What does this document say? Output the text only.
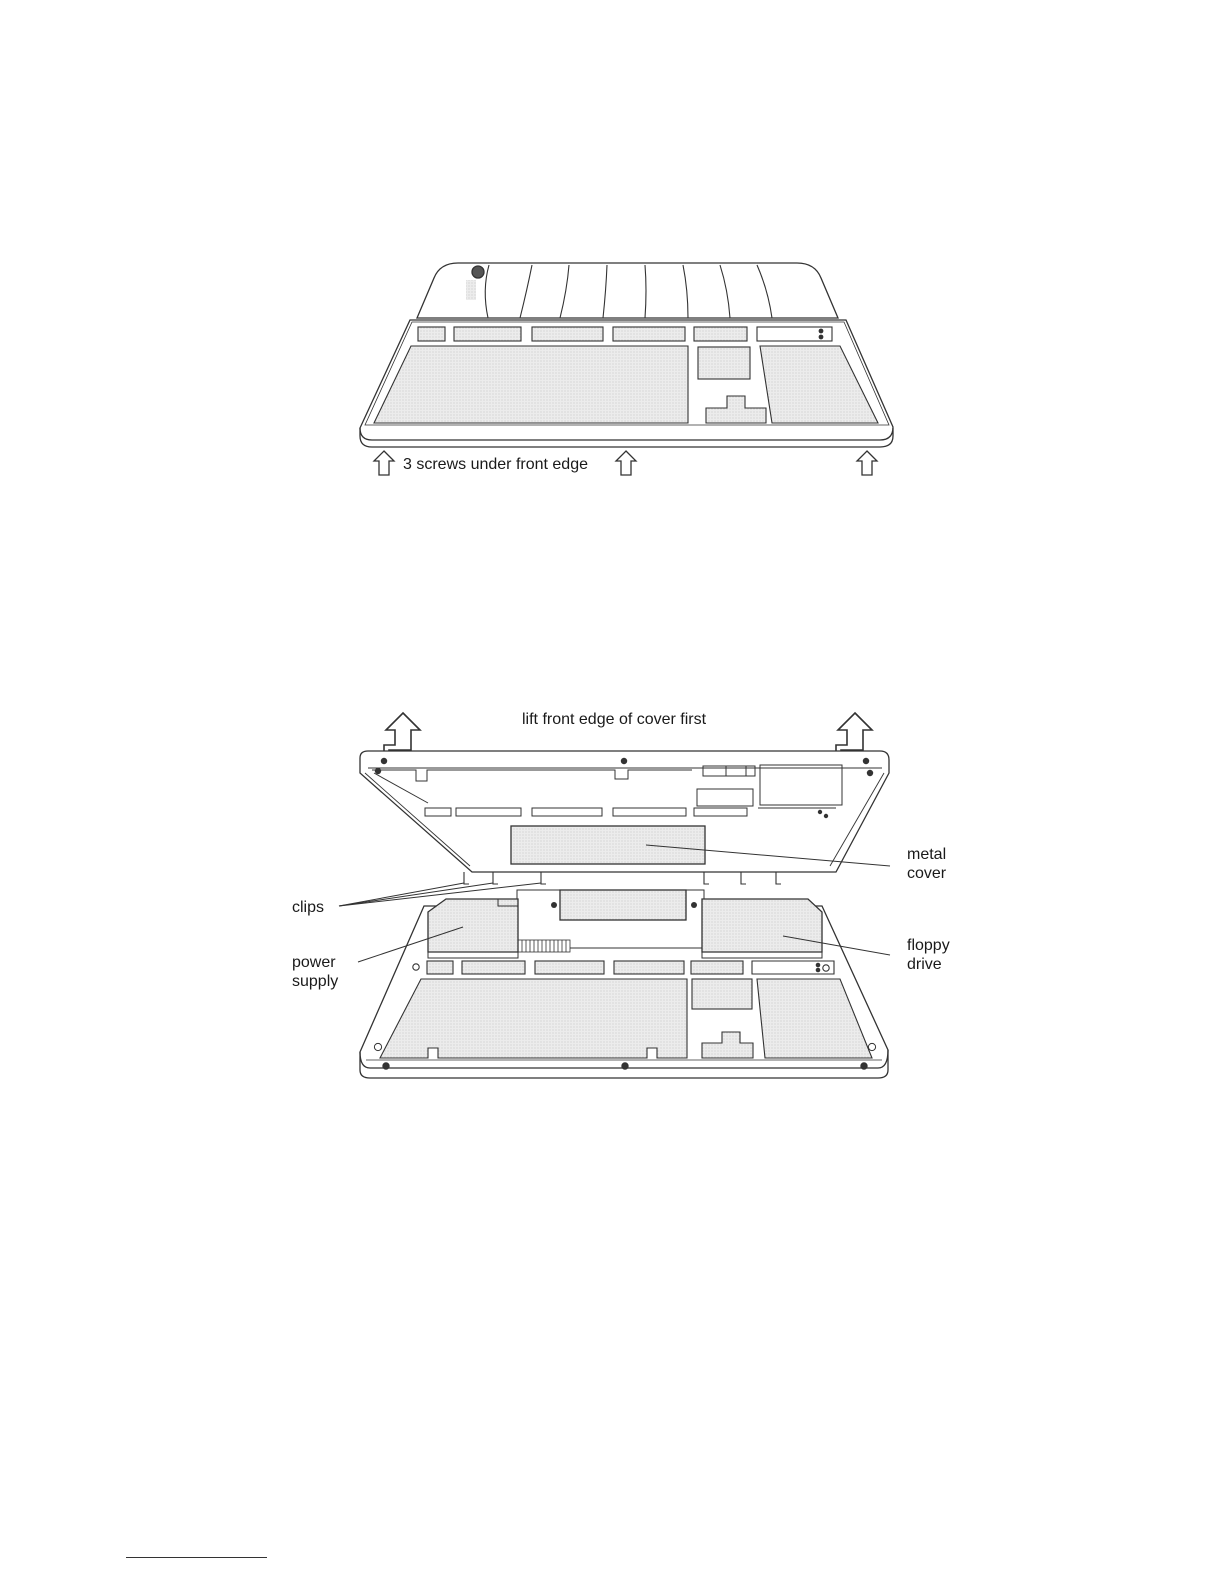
3 screws under front edge
lift front edge of cover first
metal
cover
clips
power
supply
floppy
drive
